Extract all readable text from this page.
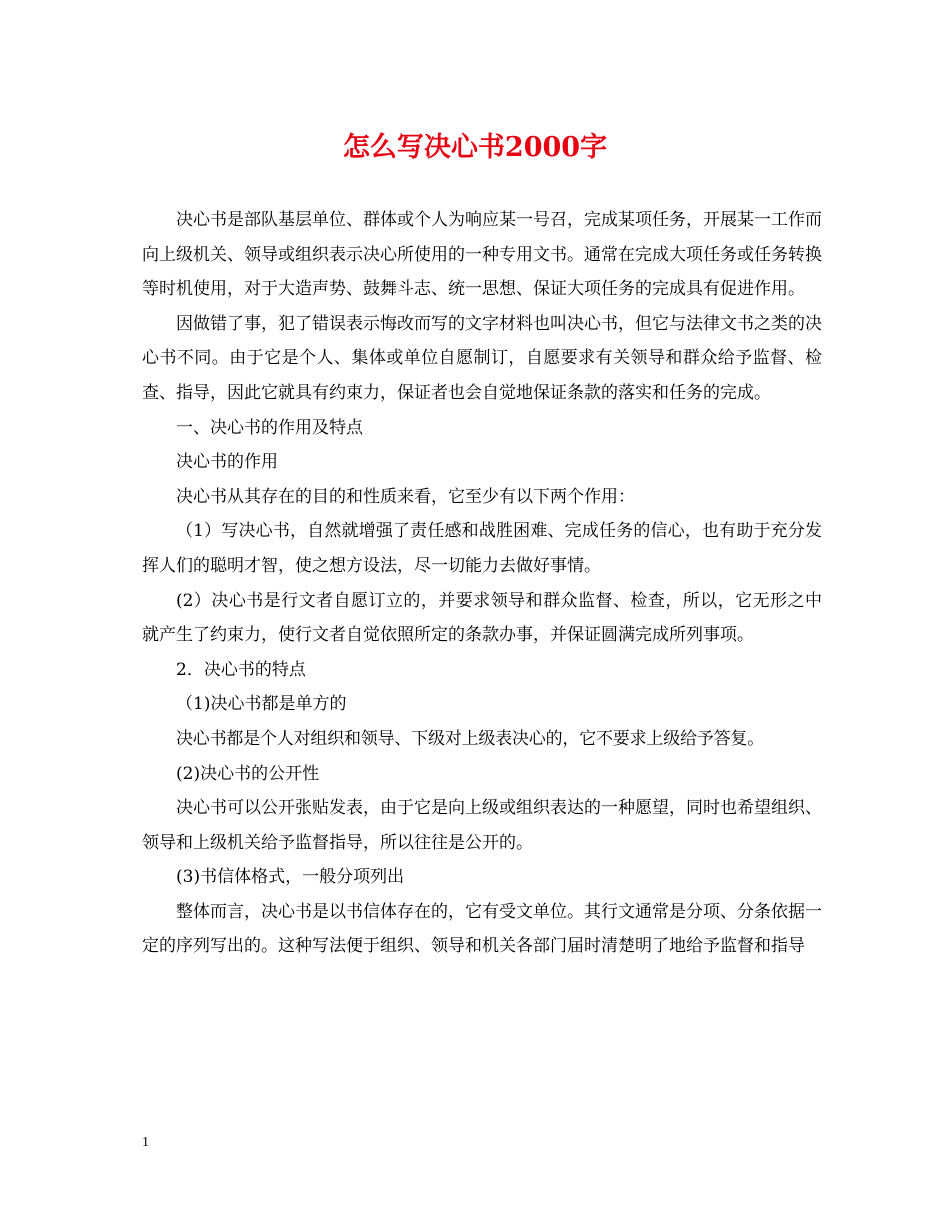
怎么写决心书2000字

决心书是部队基层单位、群体或个人为响应某一号召，完成某项任务，开展某一工作而向上级机关、领导或组织表示决心所使用的一种专用文书。通常在完成大项任务或任务转换等时机使用，对于大造声势、鼓舞斗志、统一思想、保证大项任务的完成具有促进作用。

因做错了事，犯了错误表示悔改而写的文字材料也叫决心书，但它与法律文书之类的决心书不同。由于它是个人、集体或单位自愿制订，自愿要求有关领导和群众给予监督、检查、指导，因此它就具有约束力，保证者也会自觉地保证条款的落实和任务的完成。

一、决心书的作用及特点

决心书的作用

决心书从其存在的目的和性质来看，它至少有以下两个作用：

（1）写决心书，自然就增强了责任感和战胜困难、完成任务的信心，也有助于充分发挥人们的聪明才智，使之想方设法，尽一切能力去做好事情。

(2）决心书是行文者自愿订立的，并要求领导和群众监督、检查，所以，它无形之中就产生了约束力，使行文者自觉依照所定的条款办事，并保证圆满完成所列事项。

2．决心书的特点

（1)决心书都是单方的

决心书都是个人对组织和领导、下级对上级表决心的，它不要求上级给予答复。

(2)决心书的公开性

决心书可以公开张贴发表，由于它是向上级或组织表达的一种愿望，同时也希望组织、领导和上级机关给予监督指导，所以往往是公开的。

(3)书信体格式，一般分项列出

整体而言，决心书是以书信体存在的，它有受文单位。其行文通常是分项、分条依据一定的序列写出的。这种写法便于组织、领导和机关各部门届时清楚明了地给予监督和指导

1
